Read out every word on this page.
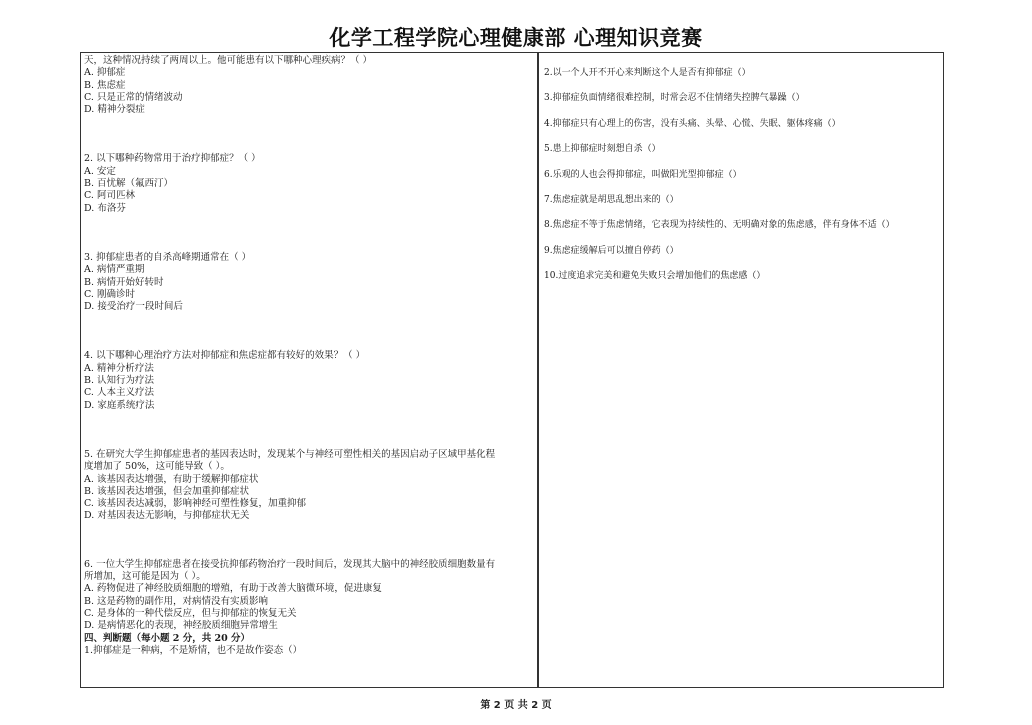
化学工程学院心理健康部 心理知识竞赛

天，这种情况持续了两周以上。他可能患有以下哪种心理疾病？（ ）

A. 抑郁症

B. 焦虑症

C. 只是正常的情绪波动

D. 精神分裂症

2. 以下哪种药物常用于治疗抑郁症？（ ）

A. 安定

B. 百忧解（氟西汀）

C. 阿司匹林

D. 布洛芬

3. 抑郁症患者的自杀高峰期通常在（ ）

A. 病情严重期

B. 病情开始好转时

C. 刚确诊时

D. 接受治疗一段时间后

4. 以下哪种心理治疗方法对抑郁症和焦虑症都有较好的效果？（ ）

A. 精神分析疗法

B. 认知行为疗法

C. 人本主义疗法

D. 家庭系统疗法

5. 在研究大学生抑郁症患者的基因表达时，发现某个与神经可塑性相关的基因启动子区域甲基化程

度增加了 50%，这可能导致（ ）。

A. 该基因表达增强，有助于缓解抑郁症状

B. 该基因表达增强，但会加重抑郁症状

C. 该基因表达减弱，影响神经可塑性修复，加重抑郁

D. 对基因表达无影响，与抑郁症状无关

6. 一位大学生抑郁症患者在接受抗抑郁药物治疗一段时间后，发现其大脑中的神经胶质细胞数量有

所增加，这可能是因为（ ）。

A. 药物促进了神经胶质细胞的增殖，有助于改善大脑微环境，促进康复

B. 这是药物的副作用，对病情没有实质影响

C. 是身体的一种代偿反应，但与抑郁症的恢复无关

D. 是病情恶化的表现，神经胶质细胞异常增生

四、判断题（每小题 2 分，共 20 分）

1.抑郁症是一种病，不是矫情，也不是故作姿态（）

2.以一个人开不开心来判断这个人是否有抑郁症（）

3.抑郁症负面情绪很难控制，时常会忍不住情绪失控脾气暴躁（）

4.抑郁症只有心理上的伤害，没有头痛、头晕、心慌、失眠、躯体疼痛（）

5.患上抑郁症时刻想自杀（）

6.乐观的人也会得抑郁症，叫做阳光型抑郁症（）

7.焦虑症就是胡思乱想出来的（）

8.焦虑症不等于焦虑情绪，它表现为持续性的、无明确对象的焦虑感，伴有身体不适（）

9.焦虑症缓解后可以擅自停药（）

10.过度追求完美和避免失败只会增加他们的焦虑感（）

第 2 页 共 2 页
